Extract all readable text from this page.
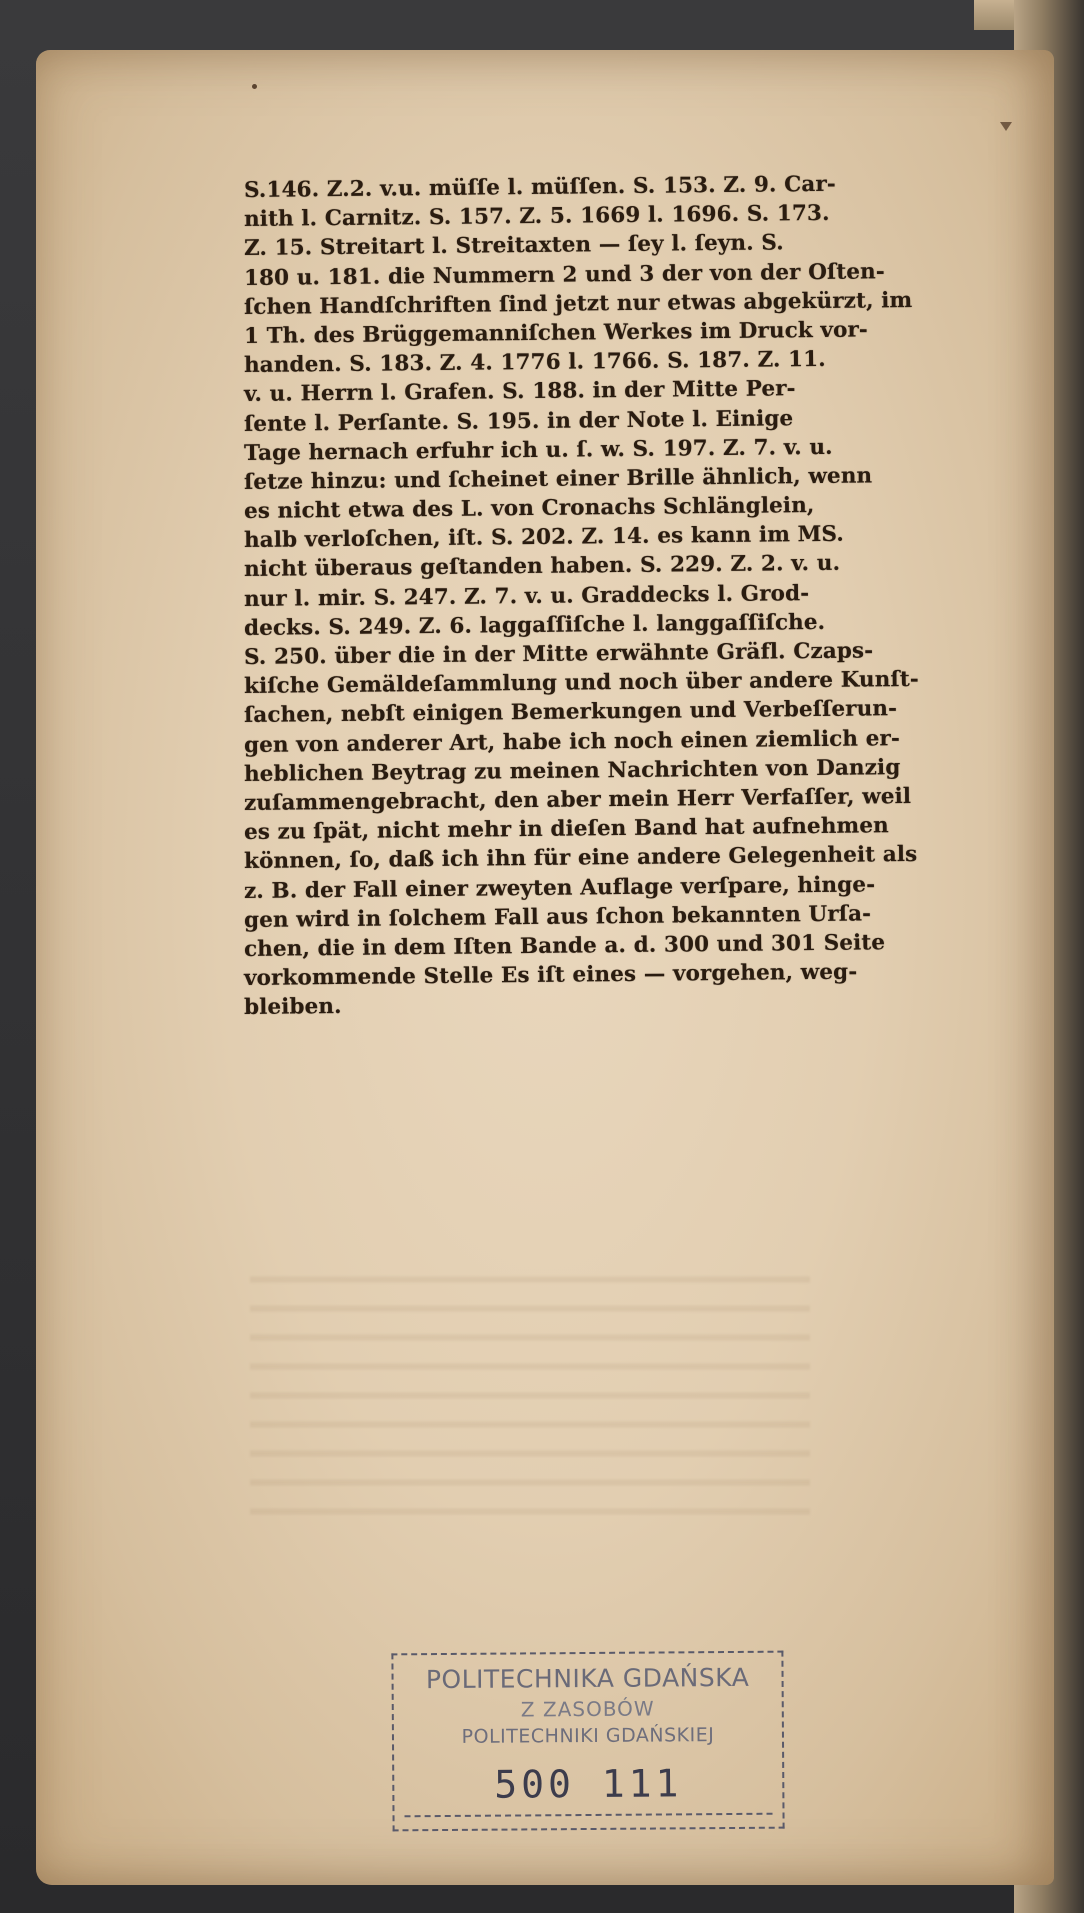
S.146. Z.2. v.u. müſſe l. müſſen. S. 153. Z. 9. Car-
nith l. Carnitz. S. 157. Z. 5. 1669 l. 1696. S. 173.
Z. 15. Streitart l. Streitaxten — ſey l. ſeyn. S.
180 u. 181. die Nummern 2 und 3 der von der Oſten-
ſchen Handſchriften ſind jetzt nur etwas abgekürzt, im
1 Th. des Brüggemanniſchen Werkes im Druck vor-
handen. S. 183. Z. 4. 1776 l. 1766. S. 187. Z. 11.
v. u. Herrn l. Grafen. S. 188. in der Mitte Per-
ſente l. Perſante. S. 195. in der Note l. Einige
Tage hernach erfuhr ich u. ſ. w. S. 197. Z. 7. v. u.
ſetze hinzu: und ſcheinet einer Brille ähnlich, wenn
es nicht etwa des L. von Cronachs Schlänglein,
halb verloſchen, iſt. S. 202. Z. 14. es kann im MS.
nicht überaus geſtanden haben. S. 229. Z. 2. v. u.
nur l. mir. S. 247. Z. 7. v. u. Graddecks l. Grod-
decks. S. 249. Z. 6. laggaſſiſche l. langgaſſiſche.
S. 250. über die in der Mitte erwähnte Gräfl. Czaps-
kiſche Gemäldeſammlung und noch über andere Kunſt-
ſachen, nebſt einigen Bemerkungen und Verbeſſerun-
gen von anderer Art, habe ich noch einen ziemlich er-
heblichen Beytrag zu meinen Nachrichten von Danzig
zuſammengebracht, den aber mein Herr Verfaſſer, weil
es zu ſpät, nicht mehr in dieſen Band hat aufnehmen
können, ſo, daß ich ihn für eine andere Gelegenheit als
z. B. der Fall einer zweyten Auflage verſpare, hinge-
gen wird in ſolchem Fall aus ſchon bekannten Urſa-
chen, die in dem Iſten Bande a. d. 300 und 301 Seite
vorkommende Stelle Es iſt eines — vorgehen, weg-
bleiben.
POLITECHNIKA GDAŃSKA
Z ZASOBÓW
POLITECHNIKI GDAŃSKIEJ
500 111
